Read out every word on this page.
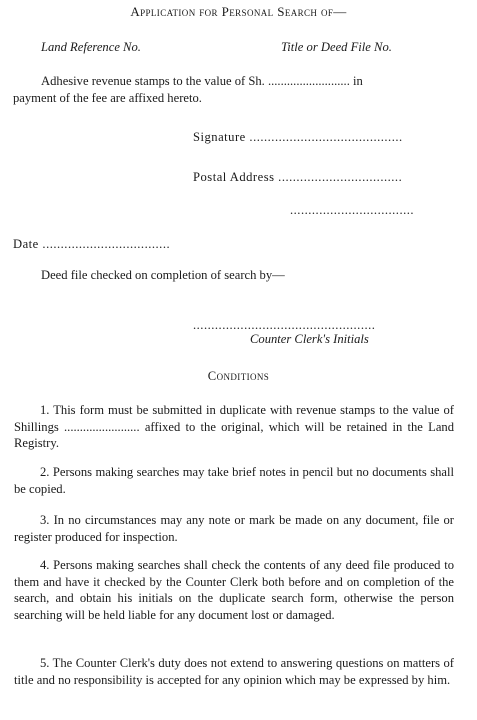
Application for Personal Search of—
Land Reference No.	Title or Deed File No.
Adhesive revenue stamps to the value of Sh. .......................... in
payment of the fee are affixed hereto.
Signature ..........................................
Postal Address ..................................
..................................
Date ...................................
Deed file checked on completion of search by—
..................................................
Counter Clerk's Initials
Conditions

1. This form must be submitted in duplicate with revenue stamps to the value of Shillings ........................ affixed to the original, which will be retained in the Land Registry.

2. Persons making searches may take brief notes in pencil but no documents shall be copied.

3. In no circumstances may any note or mark be made on any document, file or register produced for inspection.

4. Persons making searches shall check the contents of any deed file produced to them and have it checked by the Counter Clerk both before and on completion of the search, and obtain his initials on the duplicate search form, otherwise the person searching will be held liable for any document lost or damaged.

5. The Counter Clerk's duty does not extend to answering questions on matters of title and no responsibility is accepted for any opinion which may be expressed by him.
